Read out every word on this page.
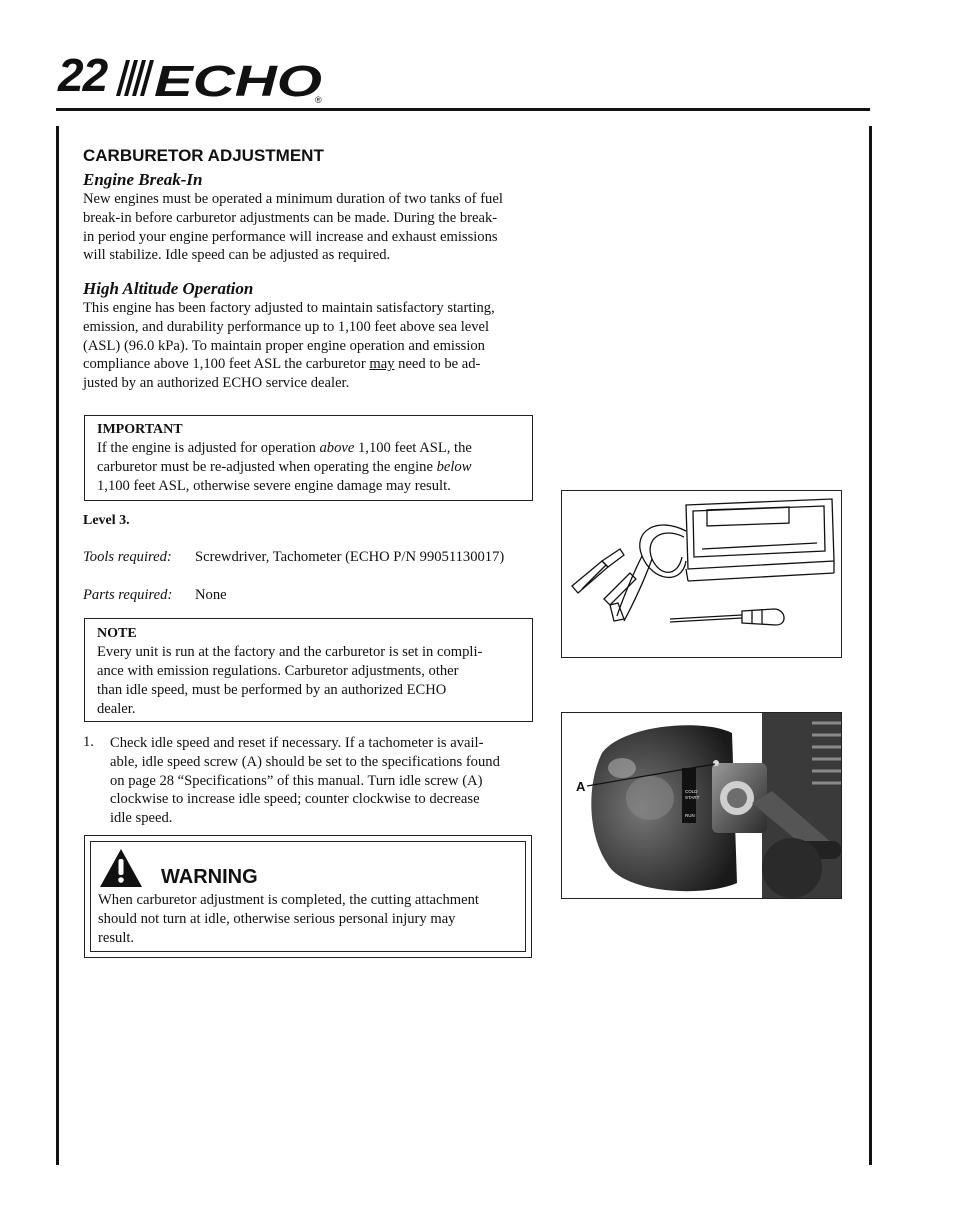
22 ECHO
®
CARBURETOR ADJUSTMENT
Engine Break-In
New engines must be operated a minimum duration of two tanks of fuel
break-in before carburetor adjustments can be made. During the break-
in period your engine performance will increase and exhaust emissions
will stabilize. Idle speed can be adjusted as required.
High Altitude Operation
This engine has been factory adjusted to maintain satisfactory starting,
emission, and durability performance up to 1,100 feet above sea level
(ASL) (96.0 kPa). To maintain proper engine operation and emission
compliance above 1,100 feet ASL the carburetor may need to be ad-
justed by an authorized ECHO service dealer.
IMPORTANT
If the engine is adjusted for operation above 1,100 feet ASL, the
carburetor must be re-adjusted when operating the engine below
1,100 feet ASL, otherwise severe engine damage may result.
Level 3.
Tools required: Screwdriver, Tachometer (ECHO P/N 99051130017)
Parts required: None
NOTE
Every unit is run at the factory and the carburetor is set in compli-
ance with emission regulations. Carburetor adjustments, other
than idle speed, must be performed by an authorized ECHO
dealer.
1. Check idle speed and reset if necessary. If a tachometer is avail-
able, idle speed screw (A) should be set to the specifications found
on page 28 “Specifications” of this manual. Turn idle screw (A)
clockwise to increase idle speed; counter clockwise to decrease
idle speed.
WARNING
When carburetor adjustment is completed, the cutting attachment
should not turn at idle, otherwise serious personal injury may
result.
A	COLD
START
RUN
